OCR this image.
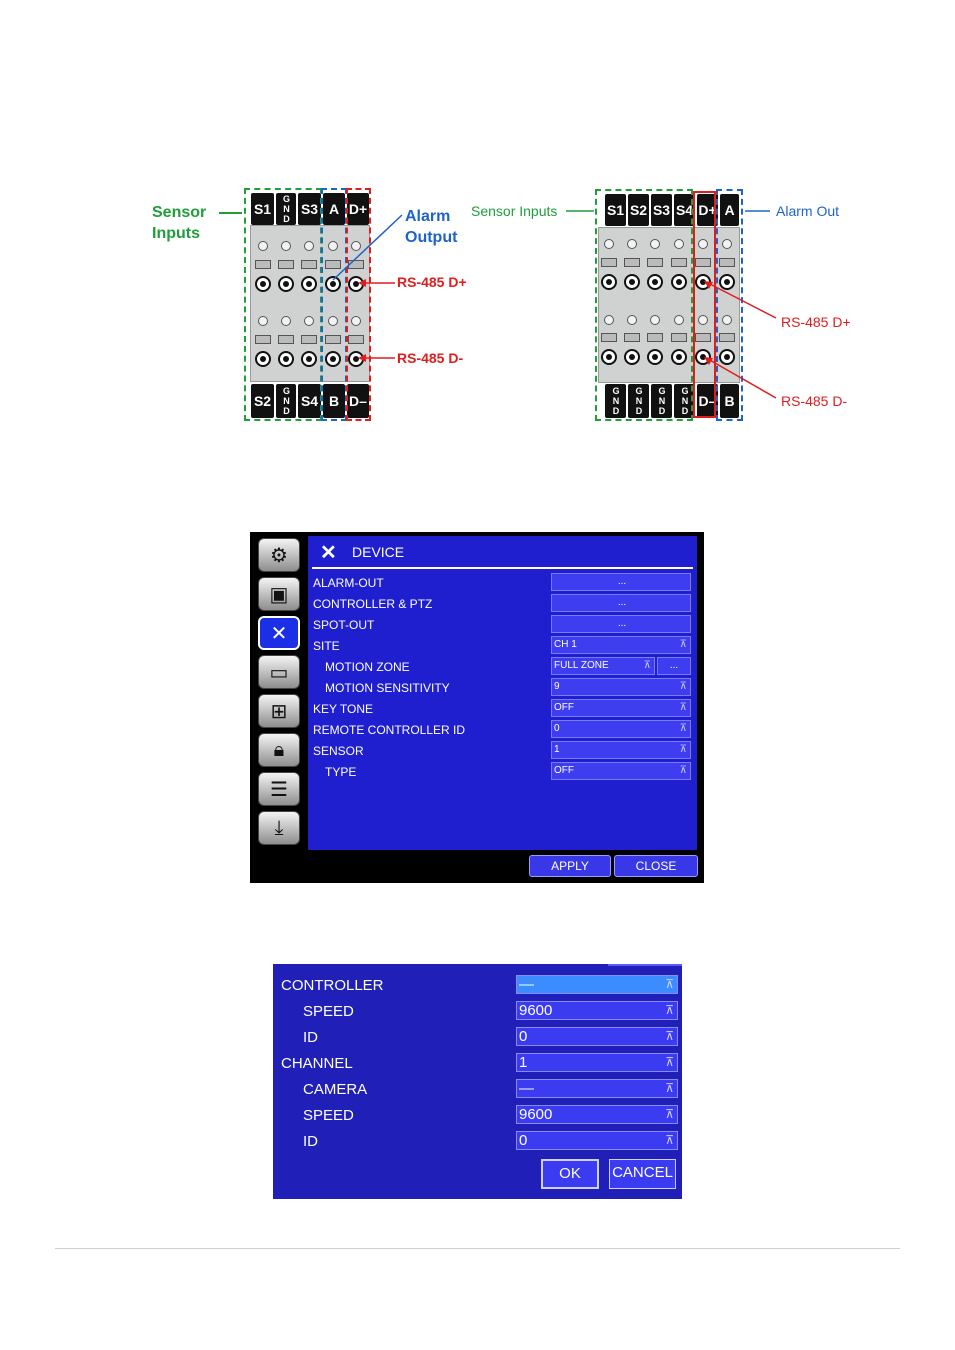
S1 GND S3 A D+
S2 GND S4 B D–
Sensor Inputs
Alarm Output
RS-485 D+
RS-485 D-
S1 S2 S3 S4 D+ A
GND GND GND GND D– B
Sensor Inputs	Alarm Out
RS-485 D+
RS-485 D-
⚙
▣
✕
▭
⊞
🔒︎
☰
⤓
✕ DEVICE
ALARM-OUT	...
CONTROLLER & PTZ	...
SPOT-OUT	...
SITE	CH 1	⊼
MOTION ZONE	FULL ZONE	⊼	...
MOTION SENSITIVITY	9	⊼
KEY TONE	OFF	⊼
REMOTE CONTROLLER ID	0	⊼
SENSOR	1	⊼
TYPE	OFF	⊼
APPLY	CLOSE
CONTROLLER	—	⊼
SPEED	9600	⊼
ID	0	⊼
CHANNEL	1	⊼
CAMERA	—	⊼
SPEED	9600	⊼
ID	0	⊼
OK	CANCEL
